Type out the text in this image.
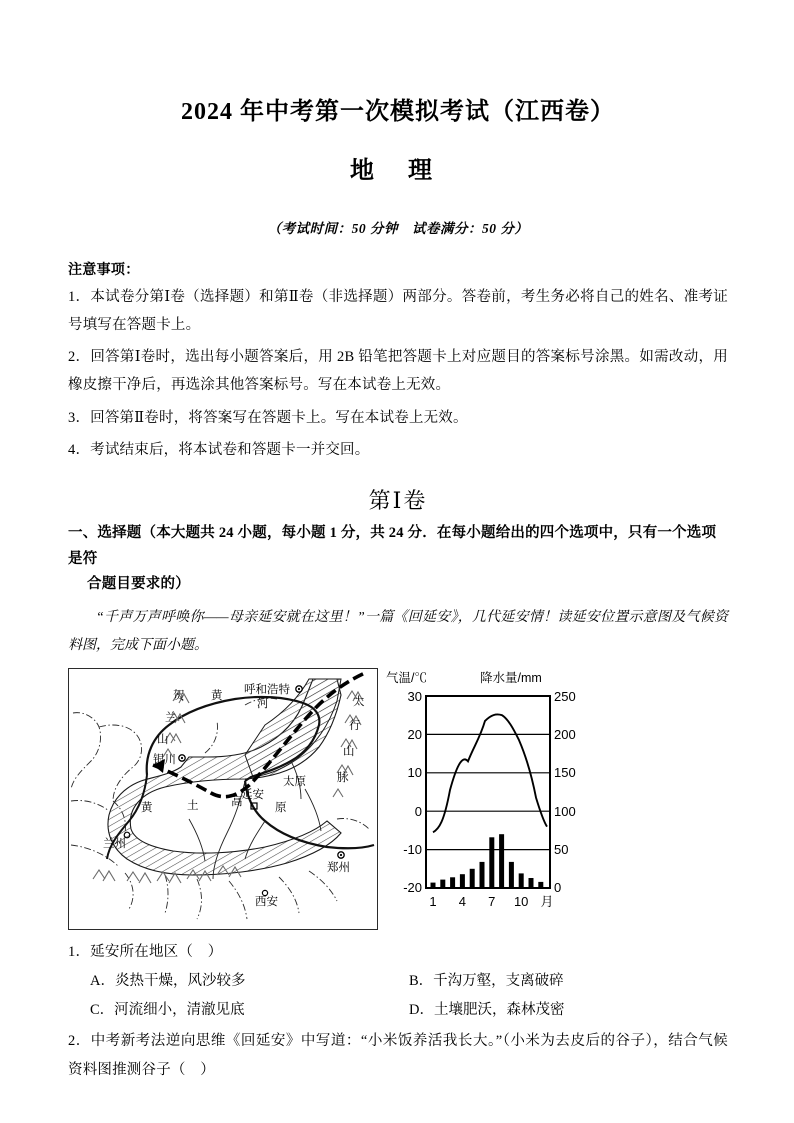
2024 年中考第一次模拟考试（江西卷）
地 理
（考试时间：50 分钟　试卷满分：50 分）
注意事项：
1．本试卷分第Ⅰ卷（选择题）和第Ⅱ卷（非选择题）两部分。答卷前，考生务必将自己的姓名、准考证号填写在答题卡上。
2．回答第Ⅰ卷时，选出每小题答案后，用 2B 铅笔把答题卡上对应题目的答案标号涂黑。如需改动，用橡皮擦干净后，再选涂其他答案标号。写在本试卷上无效。
3．回答第Ⅱ卷时，将答案写在答题卡上。写在本试卷上无效。
4．考试结束后，将本试卷和答题卡一并交回。
第Ⅰ卷
一、选择题（本大题共 24 小题，每小题 1 分，共 24 分．在每小题给出的四个选项中，只有一个选项是符
合题目要求的）
“千声万声呼唤你——母亲延安就在这里！”一篇《回延安》，几代延安情！读延安位置示意图及气候资料图，完成下面小题。
呼和浩特
银川
兰州
延安
太原
西安
郑州
贺
兰
山
太
行
山
脉
黄
河
黄	土	高	原
气温/℃	降水量/mm
30
20
10
0
-10
-20
250
200
150
100
50
0
1 4 7 10 月
1．延安所在地区（　）
A．炎热干燥，风沙较多	B．千沟万壑，支离破碎
C．河流细小，清澈见底	D．土壤肥沃，森林茂密
2．中考新考法逆向思维《回延安》中写道：“小米饭养活我长大。”（小米为去皮后的谷子），结合气候资料图推测谷子（　）
